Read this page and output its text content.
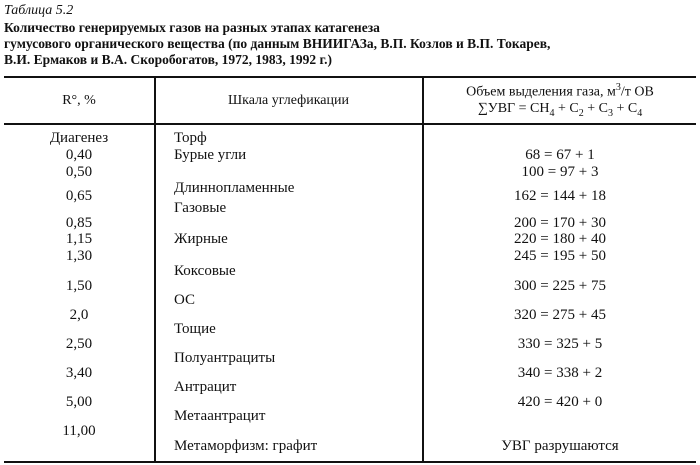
Таблица 5.2
Количество генерируемых газов на разных этапах катагенеза
гумусового органического вещества (по данным ВНИИГАЗа, В.П. Козлов и В.П. Токарев,
В.И. Ермаков и В.А. Скоробогатов, 1972, 1983, 1992 г.)
R°, %	Шкала углефикации
Объем выделения газа, $м^3/т$ ОВ
$\sum УВГ = СН_4 + С_2 + С_3 + С_4$
Диагенез
0,40
0,50
0,65
0,85
1,15
1,30
1,50
2,0
2,50
3,40
5,00
11,00
Торф
Бурые угли
Длиннопламенные
Газовые
Жирные
Коксовые
ОС
Тощие
Полуантрациты
Антрацит
Метаантрацит
Метаморфизм: графит
68 = 67 + 1
100 = 97 + 3
162 = 144 + 18
200 = 170 + 30
220 = 180 + 40
245 = 195 + 50
300 = 225 + 75
320 = 275 + 45
330 = 325 + 5
340 = 338 + 2
420 = 420 + 0
УВГ разрушаются
